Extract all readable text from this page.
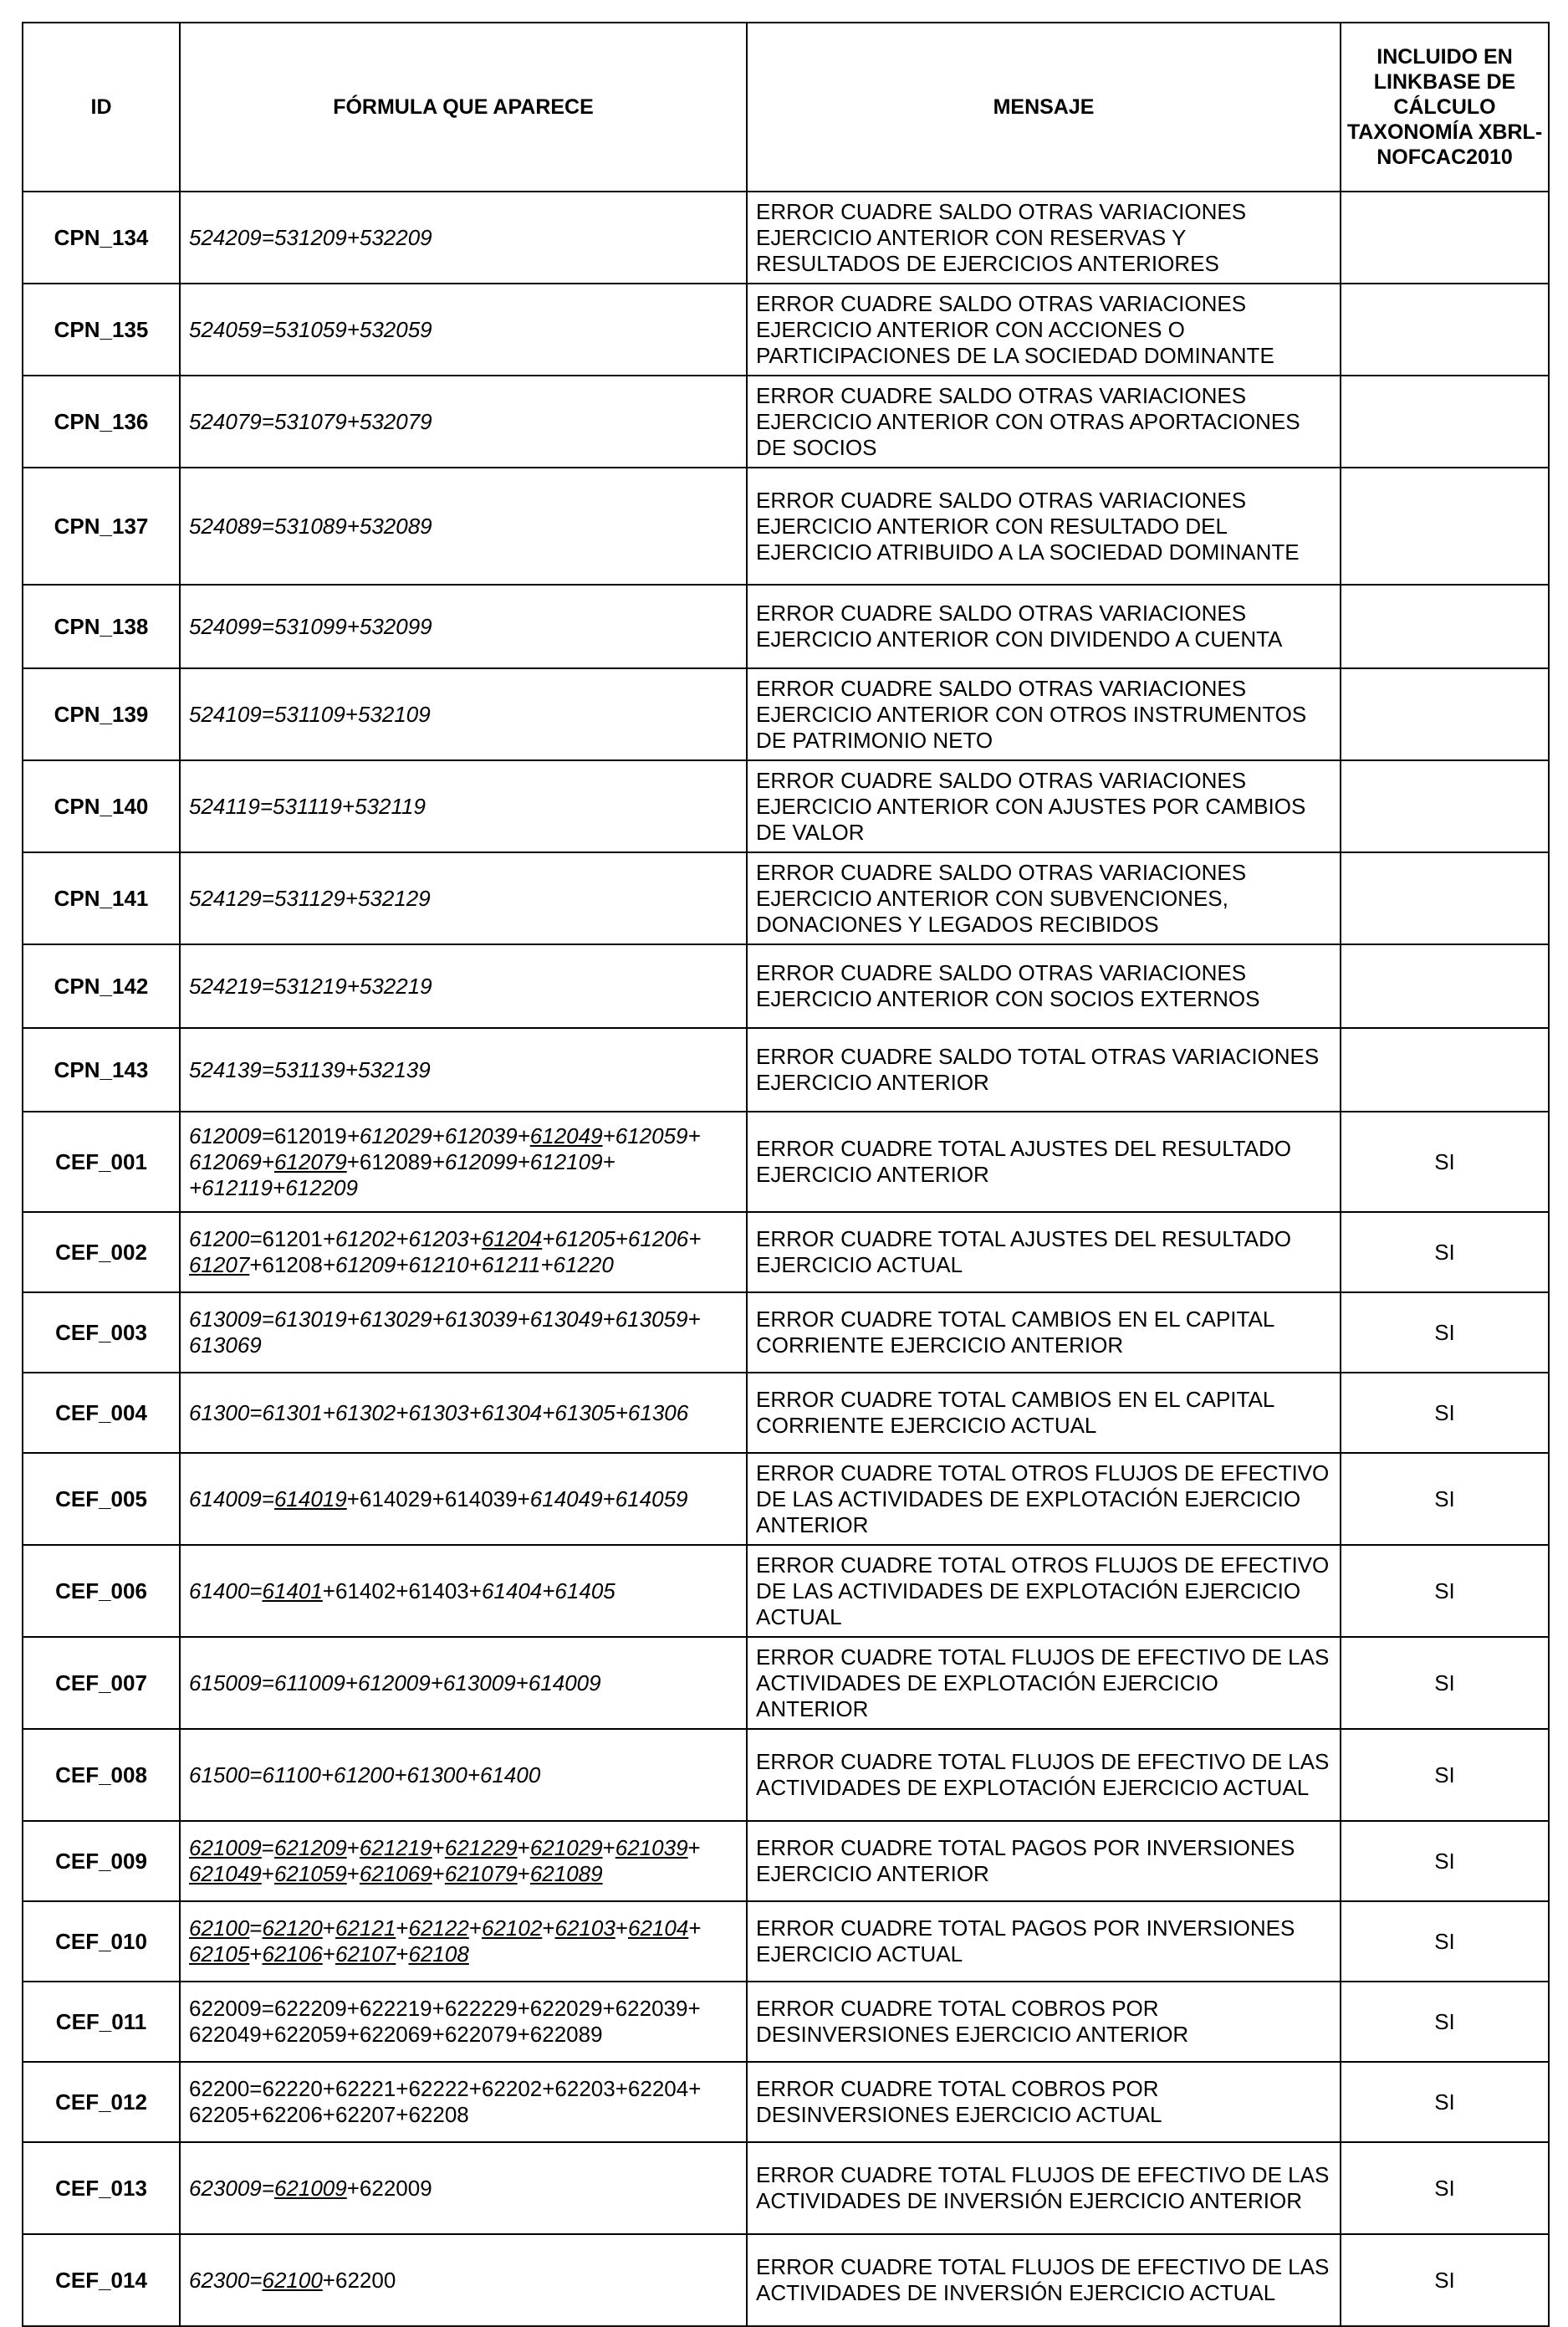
ID	FÓRMULA QUE APARECE	MENSAJE	INCLUIDO EN LINKBASE DE CÁLCULO TAXONOMÍA XBRL-NOFCAC2010
CPN_134	524209=531209+532209	ERROR CUADRE SALDO OTRAS VARIACIONES EJERCICIO ANTERIOR CON RESERVAS Y RESULTADOS DE EJERCICIOS ANTERIORES	
CPN_135	524059=531059+532059	ERROR CUADRE SALDO OTRAS VARIACIONES EJERCICIO ANTERIOR CON ACCIONES O PARTICIPACIONES DE LA SOCIEDAD DOMINANTE	
CPN_136	524079=531079+532079	ERROR CUADRE SALDO OTRAS VARIACIONES EJERCICIO ANTERIOR CON OTRAS APORTACIONES DE SOCIOS	
CPN_137	524089=531089+532089	ERROR CUADRE SALDO OTRAS VARIACIONES EJERCICIO ANTERIOR CON RESULTADO DEL EJERCICIO ATRIBUIDO A LA SOCIEDAD DOMINANTE	
CPN_138	524099=531099+532099	ERROR CUADRE SALDO OTRAS VARIACIONES EJERCICIO ANTERIOR CON DIVIDENDO A CUENTA	
CPN_139	524109=531109+532109	ERROR CUADRE SALDO OTRAS VARIACIONES EJERCICIO ANTERIOR CON OTROS INSTRUMENTOS DE PATRIMONIO NETO	
CPN_140	524119=531119+532119	ERROR CUADRE SALDO OTRAS VARIACIONES EJERCICIO ANTERIOR CON AJUSTES POR CAMBIOS DE VALOR	
CPN_141	524129=531129+532129	ERROR CUADRE SALDO OTRAS VARIACIONES EJERCICIO ANTERIOR CON SUBVENCIONES, DONACIONES Y LEGADOS RECIBIDOS	
CPN_142	524219=531219+532219	ERROR CUADRE SALDO OTRAS VARIACIONES EJERCICIO ANTERIOR CON SOCIOS EXTERNOS	
CPN_143	524139=531139+532139	ERROR CUADRE SALDO TOTAL OTRAS VARIACIONES EJERCICIO ANTERIOR	
CEF_001	612009=612019+612029+612039+612049+612059+ 612069+612079+612089+612099+612109+ +612119+612209	ERROR CUADRE TOTAL AJUSTES DEL RESULTADO EJERCICIO ANTERIOR	SI
CEF_002	61200=61201+61202+61203+61204+61205+61206+ 61207+61208+61209+61210+61211+61220	ERROR CUADRE TOTAL AJUSTES DEL RESULTADO EJERCICIO ACTUAL	SI
CEF_003	613009=613019+613029+613039+613049+613059+ 613069	ERROR CUADRE TOTAL CAMBIOS EN EL CAPITAL CORRIENTE EJERCICIO ANTERIOR	SI
CEF_004	61300=61301+61302+61303+61304+61305+61306	ERROR CUADRE TOTAL CAMBIOS EN EL CAPITAL CORRIENTE EJERCICIO ACTUAL	SI
CEF_005	614009=614019+614029+614039+614049+614059	ERROR CUADRE TOTAL OTROS FLUJOS DE EFECTIVO DE LAS ACTIVIDADES DE EXPLOTACIÓN EJERCICIO ANTERIOR	SI
CEF_006	61400=61401+61402+61403+61404+61405	ERROR CUADRE TOTAL OTROS FLUJOS DE EFECTIVO DE LAS ACTIVIDADES DE EXPLOTACIÓN EJERCICIO ACTUAL	SI
CEF_007	615009=611009+612009+613009+614009	ERROR CUADRE TOTAL FLUJOS DE EFECTIVO DE LAS ACTIVIDADES DE EXPLOTACIÓN EJERCICIO ANTERIOR	SI
CEF_008	61500=61100+61200+61300+61400	ERROR CUADRE TOTAL FLUJOS DE EFECTIVO DE LAS ACTIVIDADES DE EXPLOTACIÓN EJERCICIO ACTUAL	SI
CEF_009	621009=621209+621219+621229+621029+621039+ 621049+621059+621069+621079+621089	ERROR CUADRE TOTAL PAGOS POR INVERSIONES EJERCICIO ANTERIOR	SI
CEF_010	62100=62120+62121+62122+62102+62103+62104+ 62105+62106+62107+62108	ERROR CUADRE TOTAL PAGOS POR INVERSIONES EJERCICIO ACTUAL	SI
CEF_011	622009=622209+622219+622229+622029+622039+ 622049+622059+622069+622079+622089	ERROR CUADRE TOTAL COBROS POR DESINVERSIONES EJERCICIO ANTERIOR	SI
CEF_012	62200=62220+62221+62222+62202+62203+62204+ 62205+62206+62207+62208	ERROR CUADRE TOTAL COBROS POR DESINVERSIONES EJERCICIO ACTUAL	SI
CEF_013	623009=621009+622009	ERROR CUADRE TOTAL FLUJOS DE EFECTIVO DE LAS ACTIVIDADES DE INVERSIÓN EJERCICIO ANTERIOR	SI
CEF_014	62300=62100+62200	ERROR CUADRE TOTAL FLUJOS DE EFECTIVO DE LAS ACTIVIDADES DE INVERSIÓN EJERCICIO ACTUAL	SI
